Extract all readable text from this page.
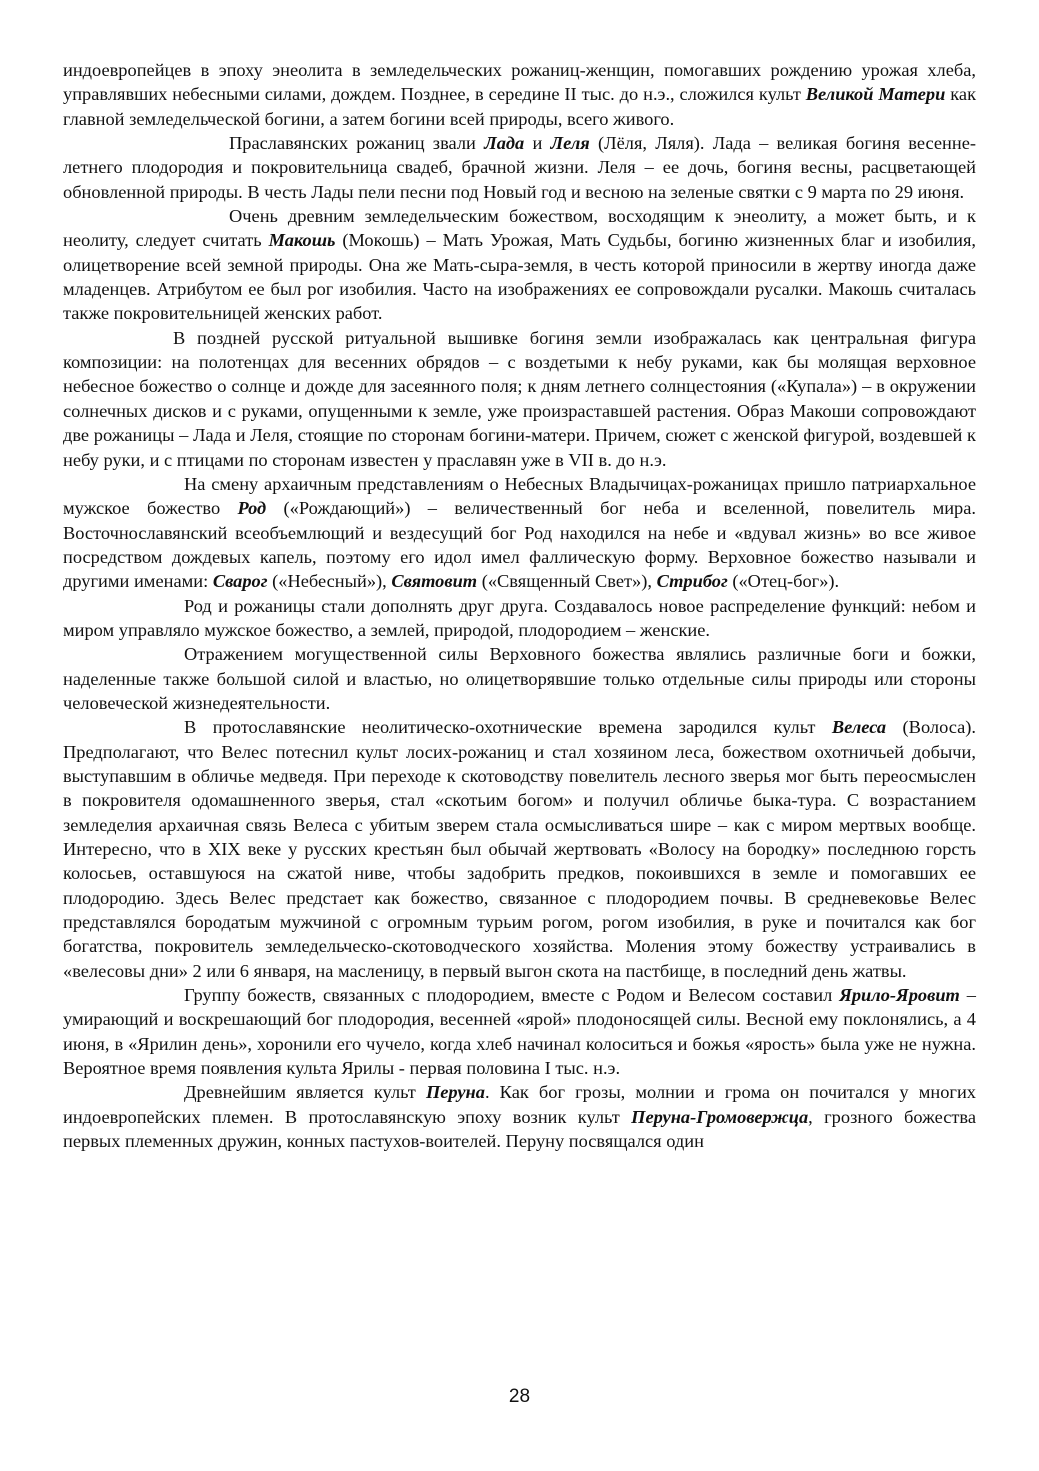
индоевропейцев в эпоху энеолита в земледельческих рожаниц-женщин, помогавших рождению урожая хлеба, управлявших небесными силами, дождем. Позднее, в середине II тыс. до н.э., сложился культ Великой Матери как главной земледельческой богини, а затем богини всей природы, всего живого.

Праславянских рожаниц звали Лада и Леля (Лёля, Ляля). Лада – великая богиня весенне-летнего плодородия и покровительница свадеб, брачной жизни. Леля – ее дочь, богиня весны, расцветающей обновленной природы. В честь Лады пели песни под Новый год и весною на зеленые святки с 9 марта по 29 июня.

Очень древним земледельческим божеством, восходящим к энеолиту, а может быть, и к неолиту, следует считать Макошь (Мокошь) – Мать Урожая, Мать Судьбы, богиню жизненных благ и изобилия, олицетворение всей земной природы. Она же Мать-сыра-земля, в честь которой приносили в жертву иногда даже младенцев. Атрибутом ее был рог изобилия. Часто на изображениях ее сопровождали русалки. Макошь считалась также покровительницей женских работ.

В поздней русской ритуальной вышивке богиня земли изображалась как центральная фигура композиции: на полотенцах для весенних обрядов – с воздетыми к небу руками, как бы молящая верховное небесное божество о солнце и дожде для засеянного поля; к дням летнего солнцестояния («Купала») – в окружении солнечных дисков и с руками, опущенными к земле, уже произраставшей растения. Образ Макоши сопровождают две рожаницы – Лада и Леля, стоящие по сторонам богини-матери. Причем, сюжет с женской фигурой, воздевшей к небу руки, и с птицами по сторонам известен у праславян уже в VII в. до н.э.

На смену архаичным представлениям о Небесных Владычицах-рожаницах пришло патриархальное мужское божество Род («Рождающий») – величественный бог неба и вселенной, повелитель мира. Восточнославянский всеобъемлющий и вездесущий бог Род находился на небе и «вдувал жизнь» во все живое посредством дождевых капель, поэтому его идол имел фаллическую форму. Верховное божество называли и другими именами: Сварог («Небесный»), Святовит («Священный Свет»), Стрибог («Отец-бог»).

Род и рожаницы стали дополнять друг друга. Создавалось новое распределение функций: небом и миром управляло мужское божество, а землей, природой, плодородием – женские.

Отражением могущественной силы Верховного божества являлись различные боги и божки, наделенные также большой силой и властью, но олицетворявшие только отдельные силы природы или стороны человеческой жизнедеятельности.

В протославянские неолитическо-охотнические времена зародился культ Велеса (Волоса). Предполагают, что Велес потеснил культ лосих-рожаниц и стал хозяином леса, божеством охотничьей добычи, выступавшим в обличье медведя. При переходе к скотоводству повелитель лесного зверья мог быть переосмыслен в покровителя одомашненного зверья, стал «скотьим богом» и получил обличье быка-тура. С возрастанием земледелия архаичная связь Велеса с убитым зверем стала осмысливаться шире – как с миром мертвых вообще. Интересно, что в XIX веке у русских крестьян был обычай жертвовать «Волосу на бородку» последнюю горсть колосьев, оставшуюся на сжатой ниве, чтобы задобрить предков, покоившихся в земле и помогавших ее плодородию. Здесь Велес предстает как божество, связанное с плодородием почвы. В средневековье Велес представлялся бородатым мужчиной с огромным турьим рогом, рогом изобилия, в руке и почитался как бог богатства, покровитель земледельческо-скотоводческого хозяйства. Моления этому божеству устраивались в «велесовы дни» 2 или 6 января, на масленицу, в первый выгон скота на пастбище, в последний день жатвы.

Группу божеств, связанных с плодородием, вместе с Родом и Велесом составил Ярило-Яровит – умирающий и воскрешающий бог плодородия, весенней «ярой» плодоносящей силы. Весной ему поклонялись, а 4 июня, в «Ярилин день», хоронили его чучело, когда хлеб начинал колоситься и божья «ярость» была уже не нужна. Вероятное время появления культа Ярилы - первая половина I тыс. н.э.

Древнейшим является культ Перуна. Как бог грозы, молнии и грома он почитался у многих индоевропейских племен. В протославянскую эпоху возник культ Перуна-Громовержца, грозного божества первых племенных дружин, конных пастухов-воителей. Перуну посвящался один

28
